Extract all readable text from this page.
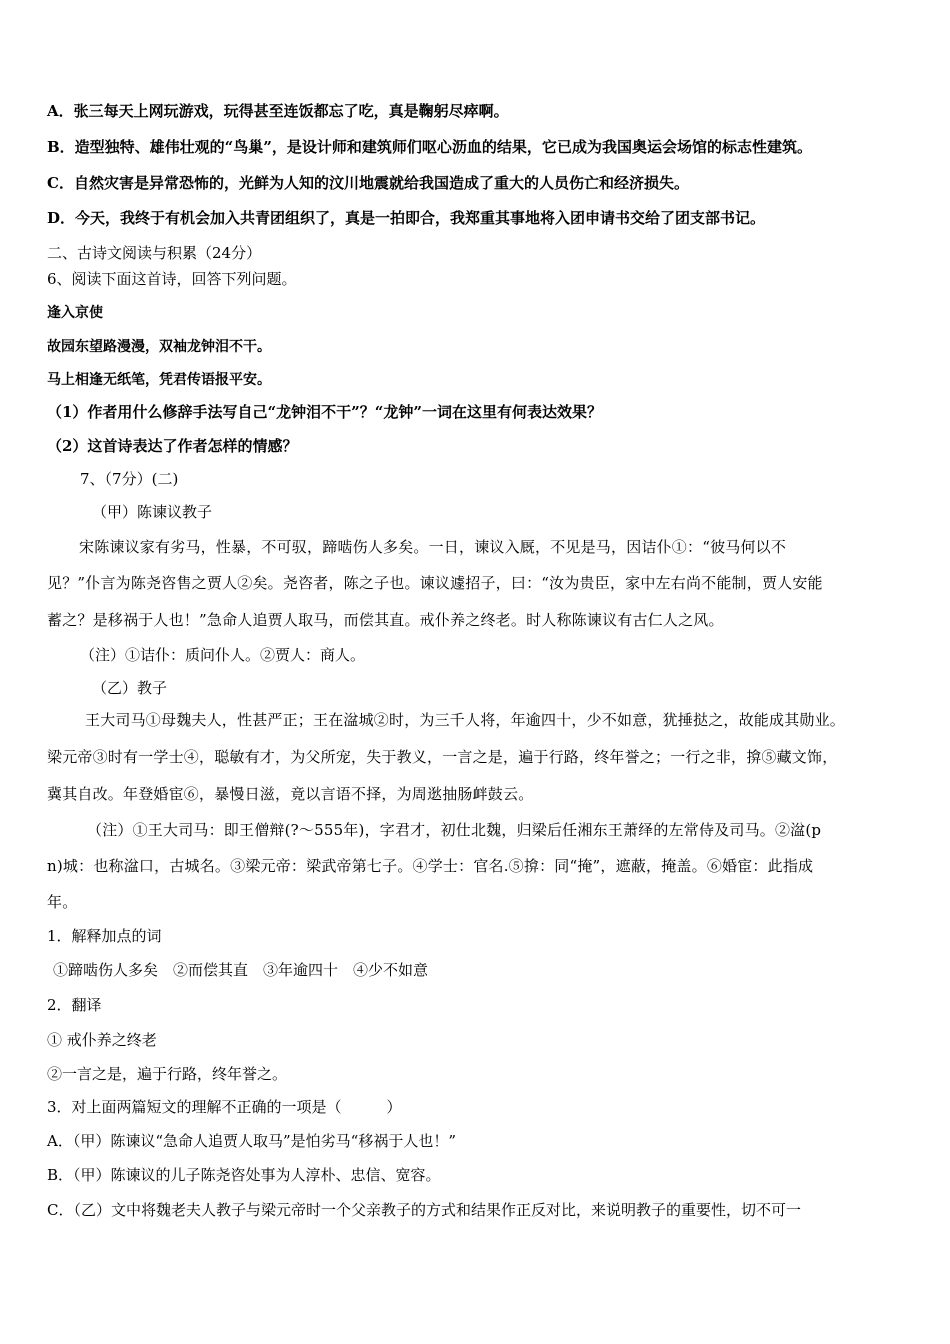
A．张三每天上网玩游戏，玩得甚至连饭都忘了吃，真是鞠躬尽瘁啊。
B．造型独特、雄伟壮观的“鸟巢”，是设计师和建筑师们呕心沥血的结果，它已成为我国奥运会场馆的标志性建筑。
C．自然灾害是异常恐怖的，光鲜为人知的汶川地震就给我国造成了重大的人员伤亡和经济损失。
D．今天，我终于有机会加入共青团组织了，真是一拍即合，我郑重其事地将入团申请书交给了团支部书记。
二、古诗文阅读与积累（24分）
6、阅读下面这首诗，回答下列问题。
逢入京使
故园东望路漫漫，双袖龙钟泪不干。
马上相逢无纸笔，凭君传语报平安。
（1）作者用什么修辞手法写自己“龙钟泪不干”？“龙钟”一词在这里有何表达效果？
（2）这首诗表达了作者怎样的情感？
7、（7分）(二)
（甲）陈谏议教子
宋陈谏议家有劣马，性暴，不可驭，蹄啮伤人多矣。一日，谏议入厩，不见是马，因诘仆①：“彼马何以不
见？”仆言为陈尧咨售之贾人②矣。尧咨者，陈之子也。谏议遽招子，曰：“汝为贵臣，家中左右尚不能制，贾人安能
蓄之？是移祸于人也！”急命人追贾人取马，而偿其直。戒仆养之终老。时人称陈谏议有古仁人之风。
（注）①诘仆：质问仆人。②贾人：商人。
（乙）教子
王大司马①母魏夫人，性甚严正；王在湓城②时，为三千人将，年逾四十，少不如意，犹捶挞之，故能成其勋业。
梁元帝③时有一学士④，聪敏有才，为父所宠，失于教义，一言之是，遍于行路，终年誉之；一行之非，揜⑤藏文饰，
冀其自改。年登婚宦⑥，暴慢日滋，竟以言语不择，为周逖抽肠衅鼓云。
（注）①王大司马：即王僧辩(?～555年)，字君才，初仕北魏，归梁后任湘东王萧绎的左常侍及司马。②湓(p
n)城：也称湓口，古城名。③梁元帝：梁武帝第七子。④学士：官名.⑤揜：同“掩”，遮蔽，掩盖。⑥婚宦：此指成
年。
1．解释加点的词
①蹄啮伤人多矣　②而偿其直　③年逾四十　④少不如意
2．翻译
① 戒仆养之终老
②一言之是，遍于行路，终年誉之。
3．对上面两篇短文的理解不正确的一项是（　　　）
A．（甲）陈谏议“急命人追贾人取马”是怕劣马“移祸于人也！”
B．（甲）陈谏议的儿子陈尧咨处事为人淳朴、忠信、宽容。
C．（乙）文中将魏老夫人教子与梁元帝时一个父亲教子的方式和结果作正反对比，来说明教子的重要性，切不可一
